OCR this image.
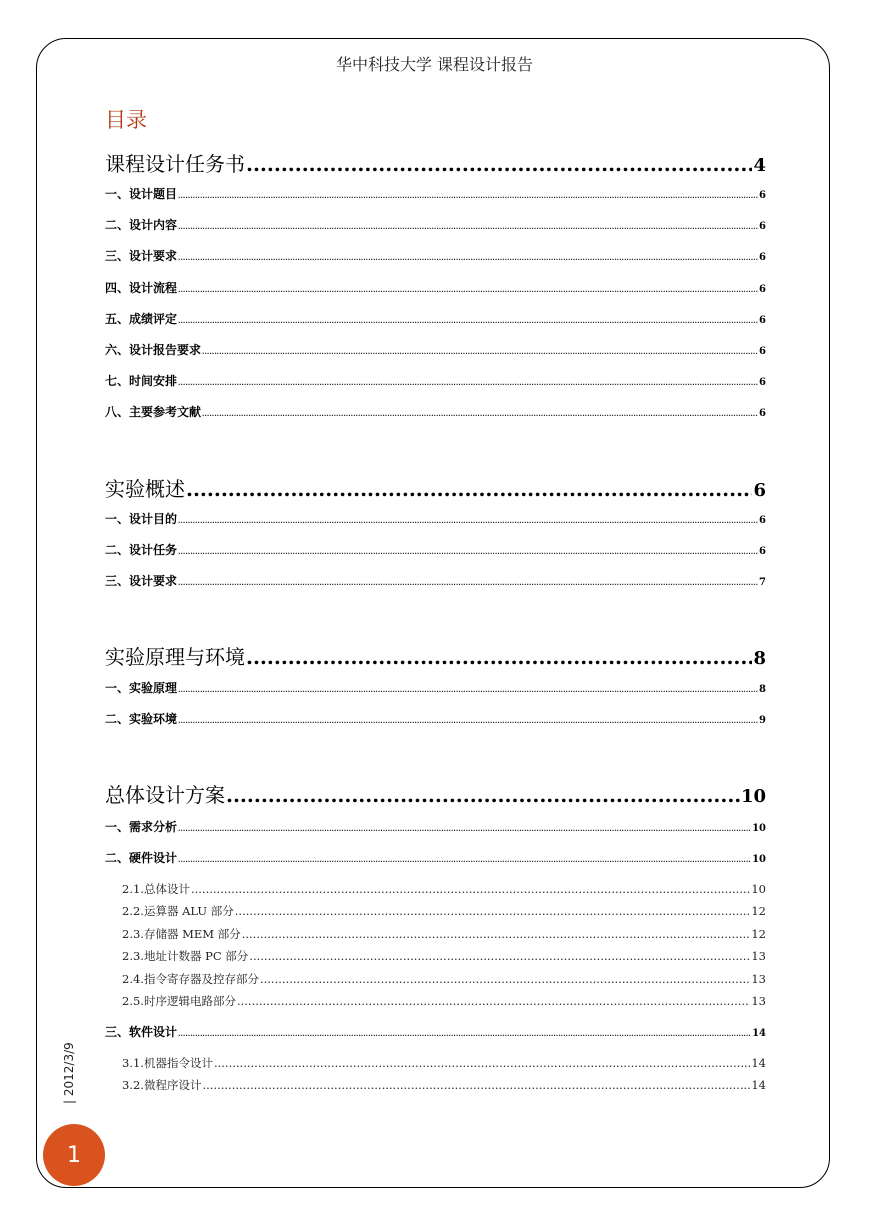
华中科技大学 课程设计报告
目录
课程设计任务书 .....	4
一、设计题目 .....	6
二、设计内容 .....	6
三、设计要求 .....	6
四、设计流程 .....	6
五、成绩评定 .....	6
六、设计报告要求 .....	6
七、时间安排 .....	6
八、主要参考文献 .....	6
实验概述 .....	6
一、设计目的 .....	6
二、设计任务 .....	6
三、设计要求 .....	7
实验原理与环境 .....	8
一、实验原理 .....	8
二、实验环境 .....	9
总体设计方案 .....	10
一、需求分析 .....	10
二、硬件设计 .....	10
2.1.总体设计 .....	10
2.2.运算器 ALU 部分 .....	12
2.3.存储器 MEM 部分 .....	12
2.3.地址计数器 PC 部分 .....	13
2.4.指令寄存器及控存部分 .....	13
2.5.时序逻辑电路部分 .....	13
三、软件设计 .....	14
3.1.机器指令设计 .....	14
3.2.微程序设计 .....	14
| 2012/3/9
1
